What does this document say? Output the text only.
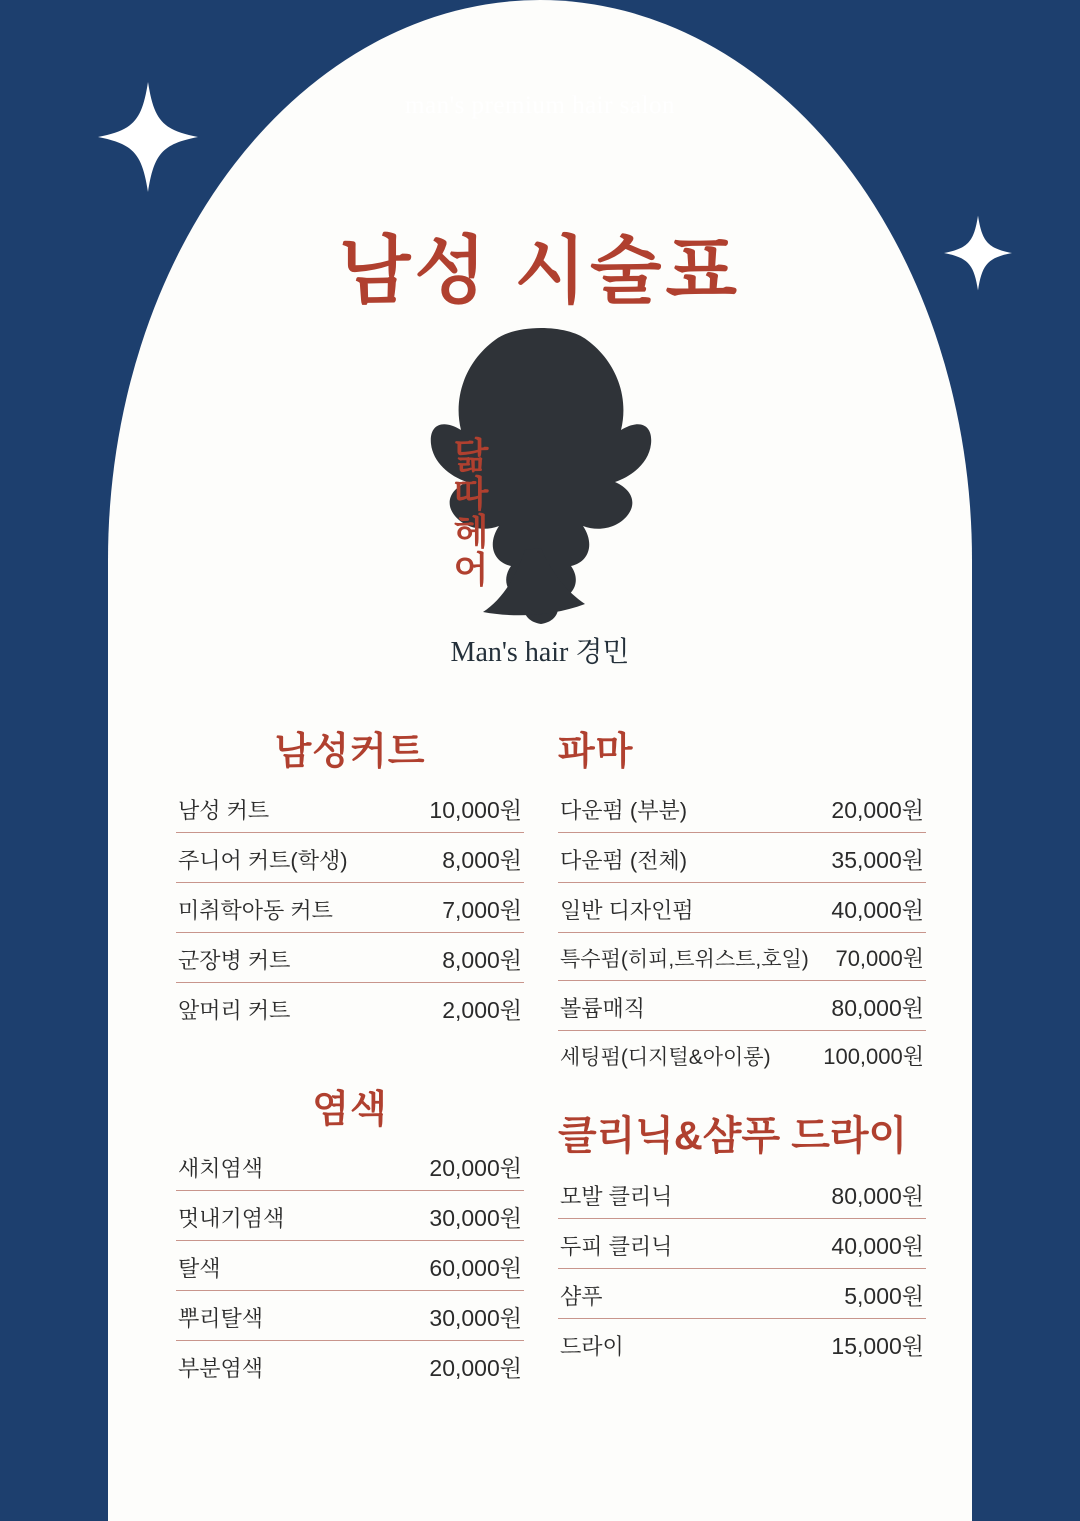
man's premium hair salon
남성 시술표
닮
따
헤
어
Man's hair 경민
남성커트
남성 커트	10,000원
주니어 커트(학생)	8,000원
미취학아동 커트	7,000원
군장병 커트	8,000원
앞머리 커트	2,000원
염색
새치염색	20,000원
멋내기염색	30,000원
탈색	60,000원
뿌리탈색	30,000원
부분염색	20,000원
파마
다운펌 (부분)	20,000원
다운펌 (전체)	35,000원
일반 디자인펌	40,000원
특수펌(히피,트위스트,호일) 70,000원
볼륨매직	80,000원
세팅펌(디지털&아이롱) 100,000원
클리닉&샴푸 드라이
모발 클리닉	80,000원
두피 클리닉	40,000원
샴푸	5,000원
드라이	15,000원
